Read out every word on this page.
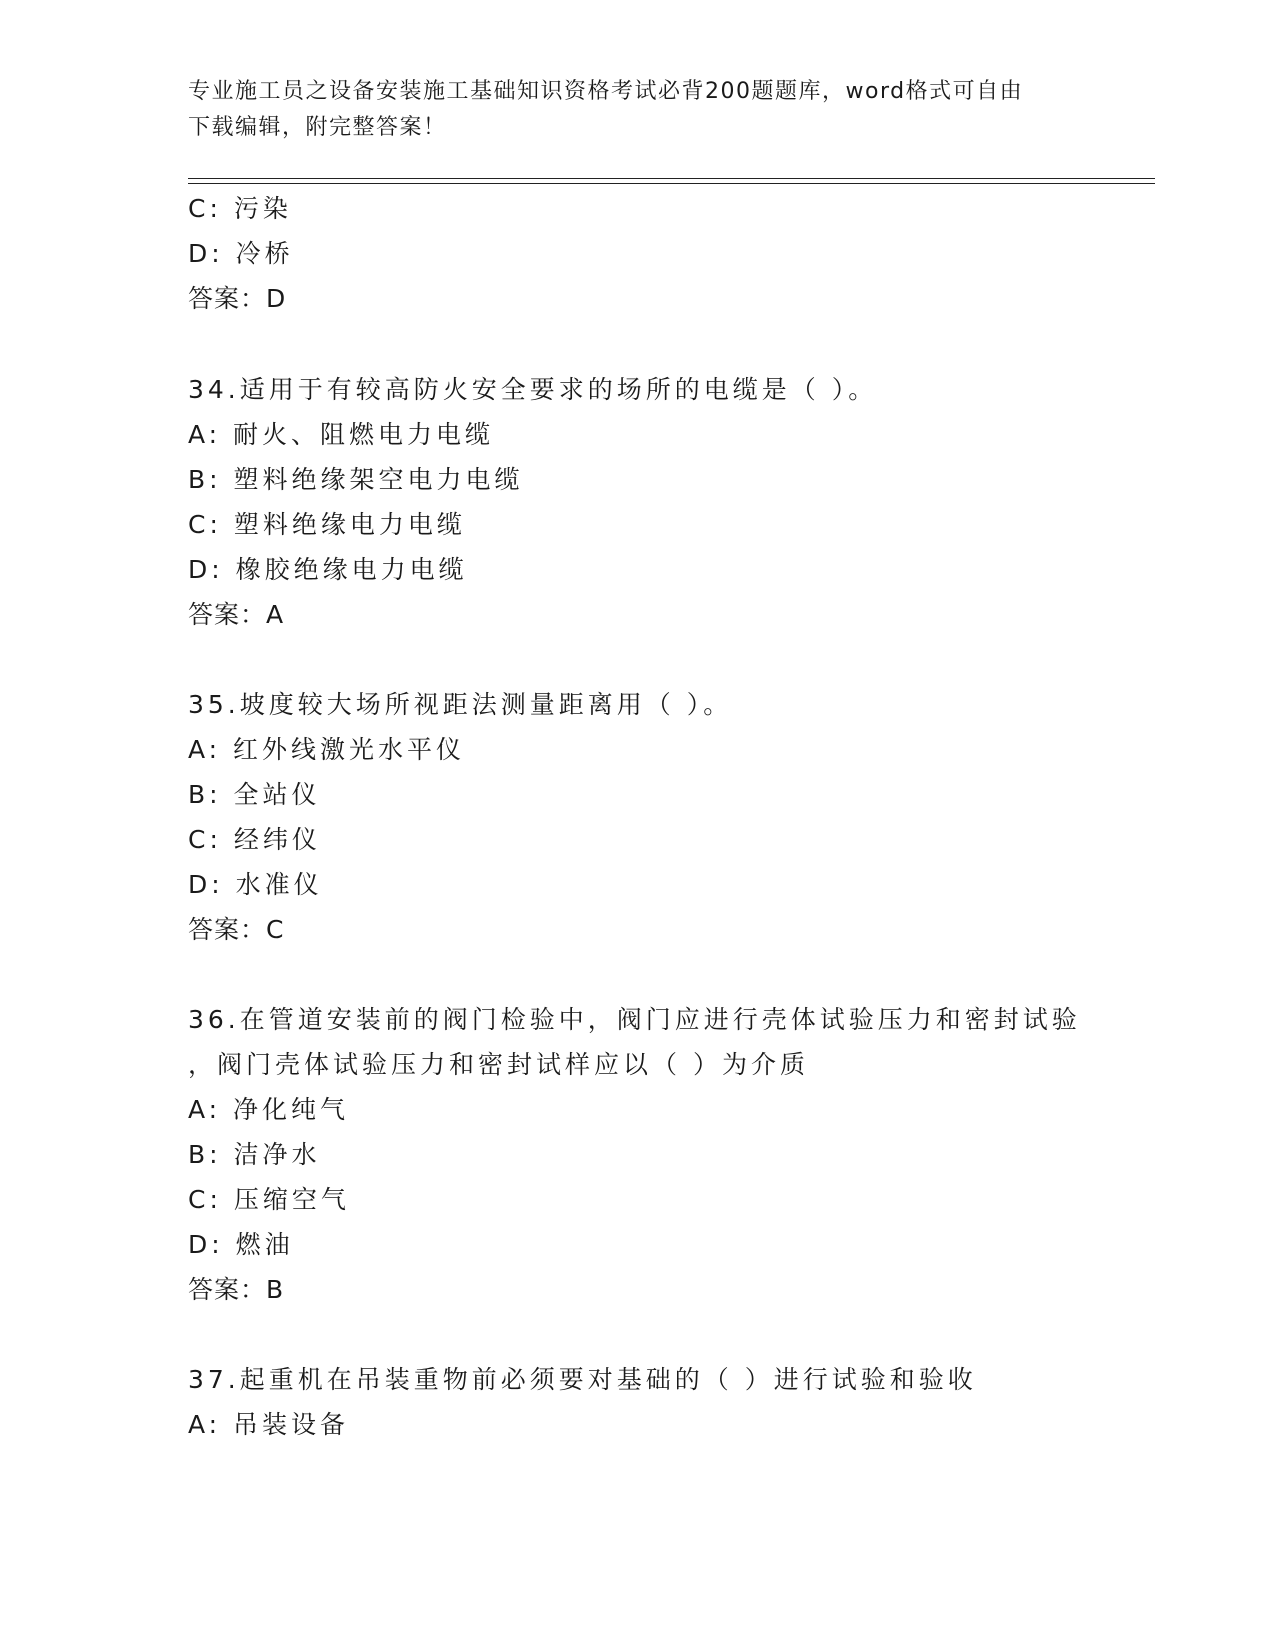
专业施工员之设备安装施工基础知识资格考试必背200题题库，word格式可自由
下载编辑，附完整答案！
C: 污染
D: 冷桥
答案：D
34.适用于有较高防火安全要求的场所的电缆是（ ）。
A: 耐火、阻燃电力电缆
B: 塑料绝缘架空电力电缆
C: 塑料绝缘电力电缆
D: 橡胶绝缘电力电缆
答案：A
35.坡度较大场所视距法测量距离用（ ）。
A: 红外线激光水平仪
B: 全站仪
C: 经纬仪
D: 水准仪
答案：C
36.在管道安装前的阀门检验中，阀门应进行壳体试验压力和密封试验
，阀门壳体试验压力和密封试样应以（ ）为介质
A: 净化纯气
B: 洁净水
C: 压缩空气
D: 燃油
答案：B
37.起重机在吊装重物前必须要对基础的（ ）进行试验和验收
A: 吊装设备
